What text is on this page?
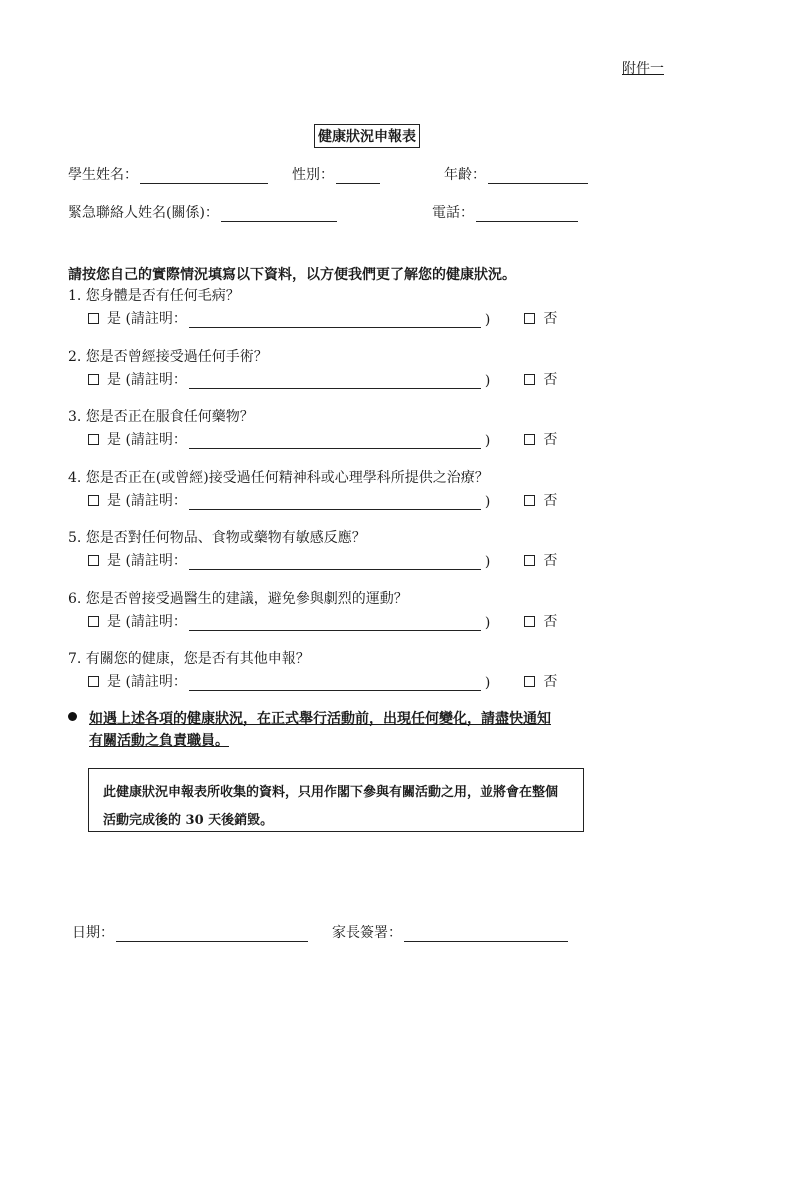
附件一
健康狀況申報表
學生姓名：	性別：	年齡：
緊急聯絡人姓名(關係)：	電話：
請按您自己的實際情況填寫以下資料，以方便我們更了解您的健康狀況。
1. 您身體是否有任何毛病？
是 (請註明：	)	否
2. 您是否曾經接受過任何手術？
是 (請註明：	)	否
3. 您是否正在服食任何藥物？
是 (請註明：	)	否
4. 您是否正在(或曾經)接受過任何精神科或心理學科所提供之治療？
是 (請註明：	)	否
5. 您是否對任何物品、食物或藥物有敏感反應？
是 (請註明：	)	否
6. 您是否曾接受過醫生的建議，避免參與劇烈的運動？
是 (請註明：	)	否
7. 有關您的健康，您是否有其他申報？
是 (請註明：	)	否
如遇上述各項的健康狀況，在正式舉行活動前，出現任何變化，請盡快通知
有關活動之負責職員。
此健康狀況申報表所收集的資料，只用作閣下參與有關活動之用，並將會在整個活動完成後的 30 天後銷毀。
日期：	家長簽署：
